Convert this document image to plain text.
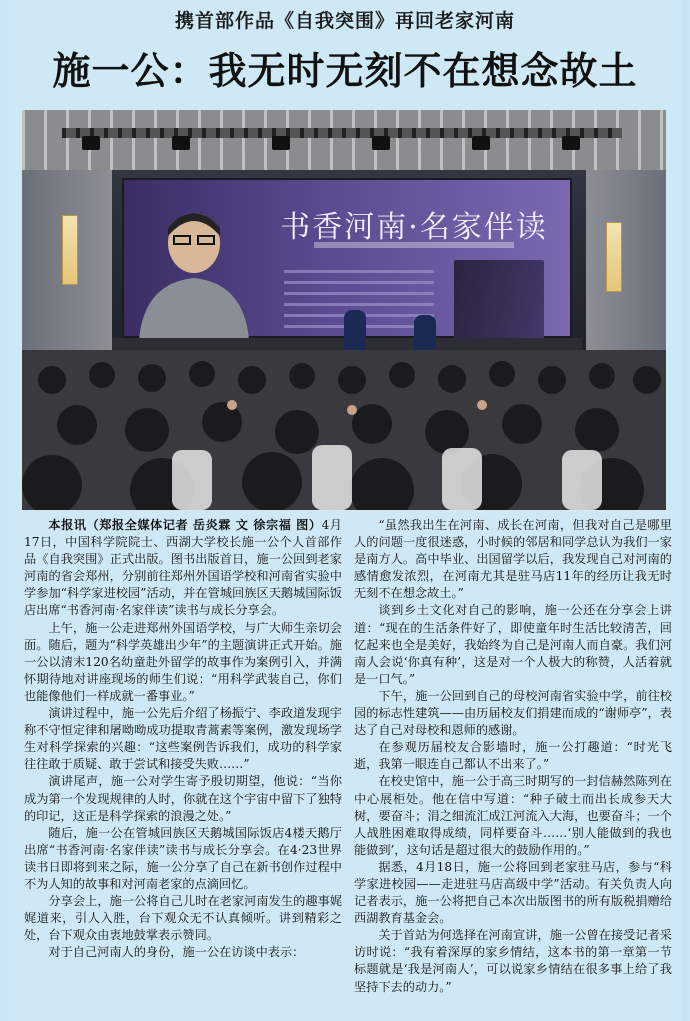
携首部作品《自我突围》再回老家河南
施一公：我无时无刻不在想念故土
书香河南·名家伴读

本报讯（郑报全媒体记者 岳炎霖 文 徐宗福 图）4月17日，中国科学院院士、西湖大学校长施一公个人首部作品《自我突围》正式出版。图书出版首日，施一公回到老家河南的省会郑州，分别前往郑州外国语学校和河南省实验中学参加“科学家进校园”活动，并在管城回族区天鹅城国际饭店出席“书香河南·名家伴读”读书与成长分享会。

上午，施一公走进郑州外国语学校，与广大师生亲切会面。随后，题为“科学英雄出少年”的主题演讲正式开始。施一公以清末120名幼童赴外留学的故事作为案例引入，并满怀期待地对讲座现场的师生们说：“用科学武装自己，你们也能像他们一样成就一番事业。”

演讲过程中，施一公先后介绍了杨振宁、李政道发现宇称不守恒定律和屠呦呦成功提取青蒿素等案例，激发现场学生对科学探索的兴趣：“这些案例告诉我们，成功的科学家往往敢于质疑、敢于尝试和接受失败……”

演讲尾声，施一公对学生寄予殷切期望，他说：“当你成为第一个发现规律的人时，你就在这个宇宙中留下了独特的印记，这正是科学探索的浪漫之处。”

随后，施一公在管城回族区天鹅城国际饭店4楼天鹅厅出席“书香河南·名家伴读”读书与成长分享会。在4·23世界读书日即将到来之际，施一公分享了自己在新书创作过程中不为人知的故事和对河南老家的点滴回忆。

分享会上，施一公将自己儿时在老家河南发生的趣事娓娓道来，引人入胜，台下观众无不认真倾听。讲到精彩之处，台下观众由衷地鼓掌表示赞同。

对于自己河南人的身份，施一公在访谈中表示：

“虽然我出生在河南、成长在河南，但我对自己是哪里人的问题一度很迷惑，小时候的邻居和同学总认为我们一家是南方人。高中毕业、出国留学以后，我发现自己对河南的感情愈发浓烈，在河南尤其是驻马店11年的经历让我无时无刻不在想念故土。”

谈到乡土文化对自己的影响，施一公还在分享会上讲道：“现在的生活条件好了，即使童年时生活比较清苦，回忆起来也全是美好，我始终为自己是河南人而自豪。我们河南人会说‘你真有种’，这是对一个人极大的称赞，人活着就是一口气。”

下午，施一公回到自己的母校河南省实验中学，前往校园的标志性建筑——由历届校友们捐建而成的“谢师亭”，表达了自己对母校和恩师的感谢。

在参观历届校友合影墙时，施一公打趣道：“时光飞逝，我第一眼连自己都认不出来了。”

在校史馆中，施一公于高三时期写的一封信赫然陈列在中心展柜处。他在信中写道：“种子破土而出长成参天大树，要奋斗；涓之细流汇成江河流入大海，也要奋斗；一个人战胜困难取得成绩，同样要奋斗……‘别人能做到的我也能做到’，这句话是超过很大的鼓励作用的。”

据悉，4月18日，施一公将回到老家驻马店，参与“科学家进校园——走进驻马店高级中学”活动。有关负责人向记者表示，施一公将把自己本次出版图书的所有版税捐赠给西湖教育基金会。

关于首站为何选择在河南宣讲，施一公曾在接受记者采访时说：“我有着深厚的家乡情结，这本书的第一章第一节标题就是‘我是河南人’，可以说家乡情结在很多事上给了我坚持下去的动力。”
